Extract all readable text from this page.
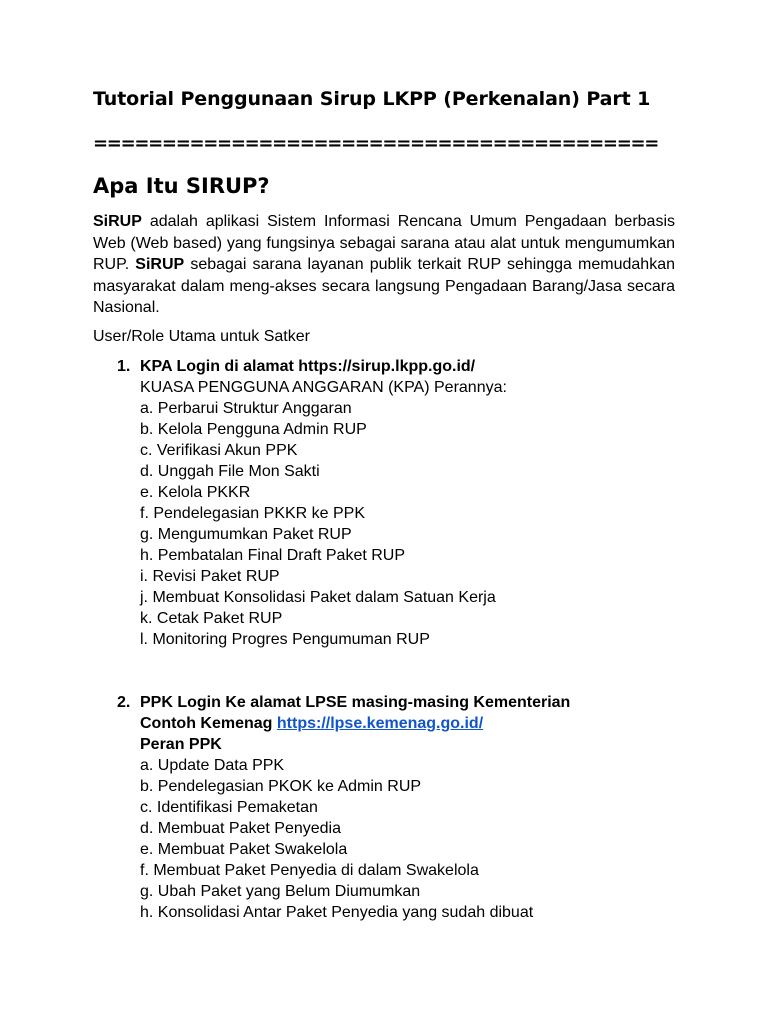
Tutorial Penggunaan Sirup LKPP (Perkenalan) Part 1
=========================================
Apa Itu SIRUP?

SiRUP adalah aplikasi Sistem Informasi Rencana Umum Pengadaan berbasis Web (Web based) yang fungsinya sebagai sarana atau alat untuk mengumumkan RUP. SiRUP sebagai sarana layanan publik terkait RUP sehingga memudahkan masyarakat dalam meng-akses secara langsung Pengadaan Barang/Jasa secara Nasional.

User/Role Utama untuk Satker
1. KPA Login di alamat https://sirup.lkpp.go.id/
KUASA PENGGUNA ANGGARAN (KPA) Perannya:
a. Perbarui Struktur Anggaran
b. Kelola Pengguna Admin RUP
c. Verifikasi Akun PPK
d. Unggah File Mon Sakti
e. Kelola PKKR
f. Pendelegasian PKKR ke PPK
g. Mengumumkan Paket RUP
h. Pembatalan Final Draft Paket RUP
i. Revisi Paket RUP
j. Membuat Konsolidasi Paket dalam Satuan Kerja
k. Cetak Paket RUP
l. Monitoring Progres Pengumuman RUP
2. PPK Login Ke alamat LPSE masing-masing Kementerian
Contoh Kemenag https://lpse.kemenag.go.id/
Peran PPK
a. Update Data PPK
b. Pendelegasian PKOK ke Admin RUP
c. Identifikasi Pemaketan
d. Membuat Paket Penyedia
e. Membuat Paket Swakelola
f. Membuat Paket Penyedia di dalam Swakelola
g. Ubah Paket yang Belum Diumumkan
h. Konsolidasi Antar Paket Penyedia yang sudah dibuat
